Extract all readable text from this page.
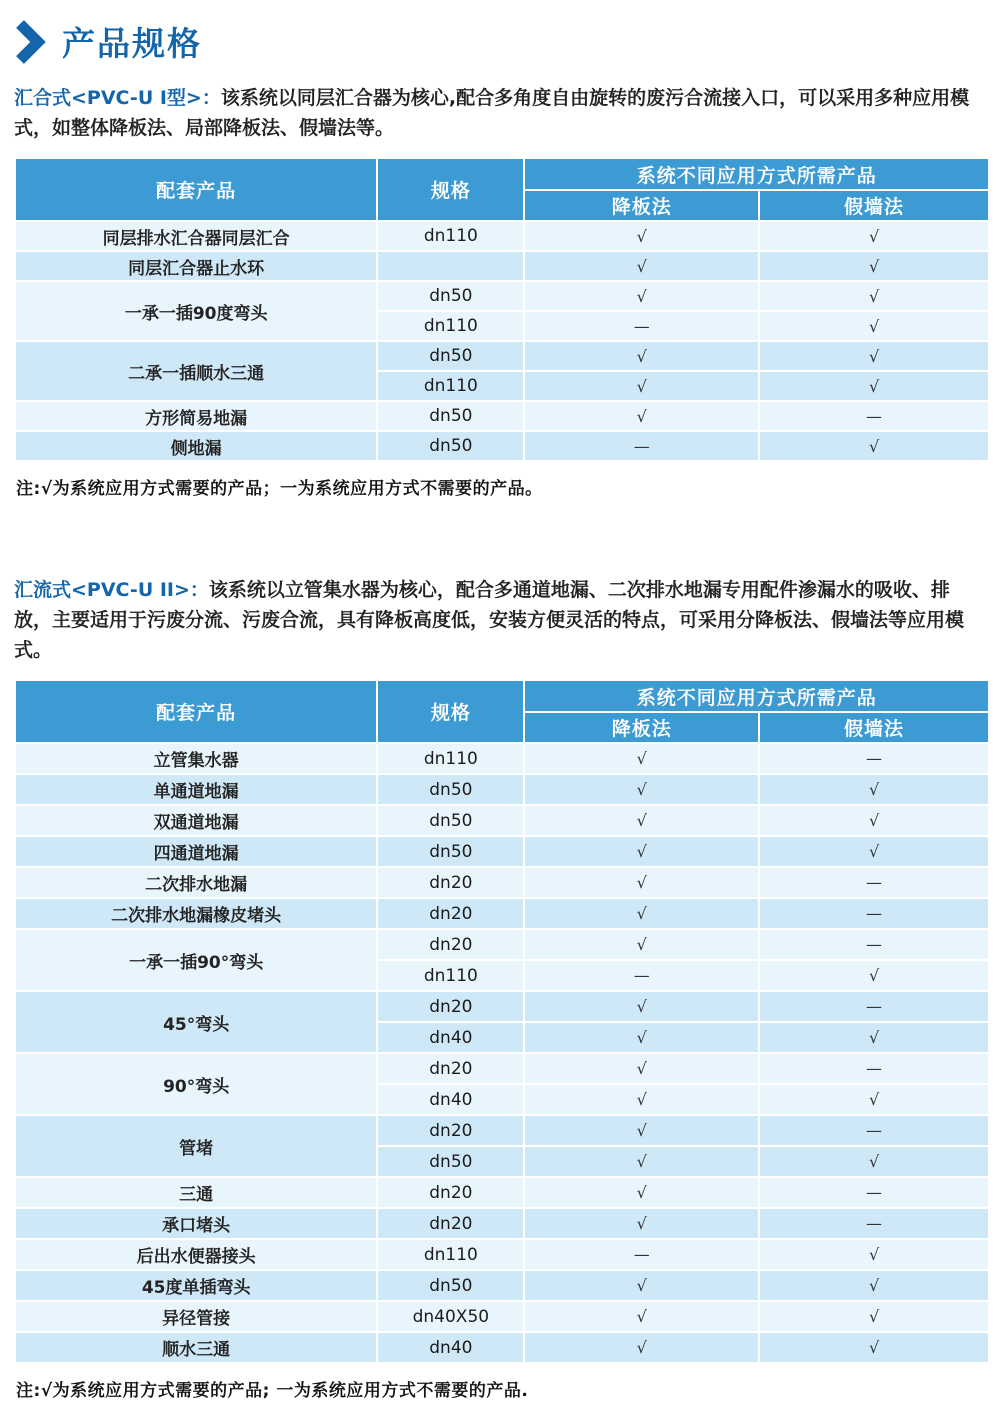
产品规格

汇合式<PVC-U I型>：该系统以同层汇合器为核心,配合多角度自由旋转的废污合流接入口，可以采用多种应用模式，如整体降板法、局部降板法、假墙法等。

配套产品	规格	系统不同应用方式所需产品	
		降板法	假墙法
同层排水汇合器同层汇合	dn110	√	√
同层汇合器止水环		√	√
一承一插90度弯头	dn50	√	√
	dn110	—	√
二承一插顺水三通	dn50	√	√
	dn110	√	√
方形简易地漏	dn50	√	—
侧地漏	dn50	—	√

注:√为系统应用方式需要的产品；一为系统应用方式不需要的产品。

汇流式<PVC-U II>：该系统以立管集水器为核心，配合多通道地漏、二次排水地漏专用配件渗漏水的吸收、排放，主要适用于污废分流、污废合流，具有降板高度低，安装方便灵活的特点，可采用分降板法、假墙法等应用模式。

配套产品	规格	系统不同应用方式所需产品	
		降板法	假墙法
立管集水器	dn110	√	—
单通道地漏	dn50	√	√
双通道地漏	dn50	√	√
四通道地漏	dn50	√	√
二次排水地漏	dn20	√	—
二次排水地漏橡皮堵头	dn20	√	—
一承一插90°弯头	dn20	√	—
	dn110	—	√
45°弯头	dn20	√	—
	dn40	√	√
90°弯头	dn20	√	—
	dn40	√	√
管堵	dn20	√	—
	dn50	√	√
三通	dn20	√	—
承口堵头	dn20	√	—
后出水便器接头	dn110	—	√
45度单插弯头	dn50	√	√
异径管接	dn40X50	√	√
顺水三通	dn40	√	√

注:√为系统应用方式需要的产品; 一为系统应用方式不需要的产品.
